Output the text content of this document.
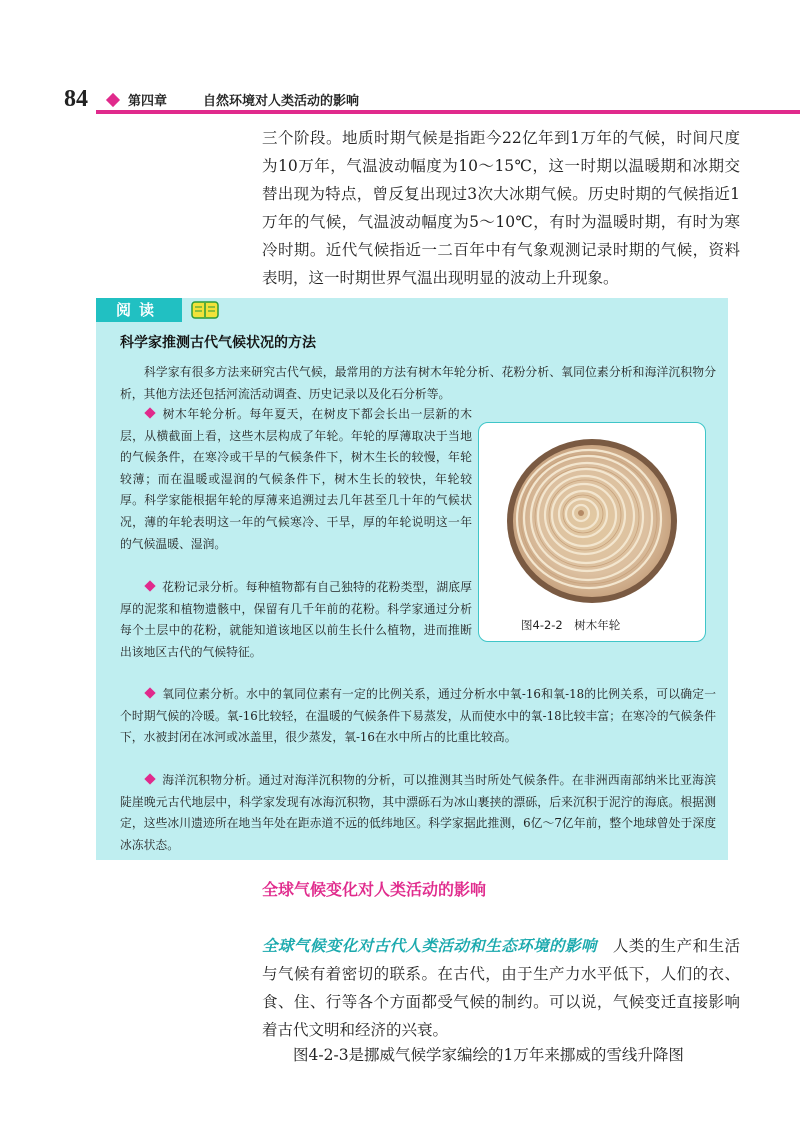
84	第四章	自然环境对人类活动的影响

三个阶段。地质时期气候是指距今22亿年到1万年的气候，时间尺度为10万年，气温波动幅度为10～15℃，这一时期以温暖期和冰期交替出现为特点，曾反复出现过3次大冰期气候。历史时期的气候指近1万年的气候，气温波动幅度为5～10℃，有时为温暖时期，有时为寒冷时期。近代气候指近一二百年中有气象观测记录时期的气候，资料表明，这一时期世界气温出现明显的波动上升现象。

阅读
科学家推测古代气候状况的方法
科学家有很多方法来研究古代气候，最常用的方法有树木年轮分析、花粉分析、氧同位素分析和海洋沉积物分析，其他方法还包括河流活动调查、历史记录以及化石分析等。
树木年轮分析。每年夏天，在树皮下都会长出一层新的木层，从横截面上看，这些木层构成了年轮。年轮的厚薄取决于当地的气候条件，在寒冷或干旱的气候条件下，树木生长的较慢，年轮较薄；而在温暖或湿润的气候条件下，树木生长的较快，年轮较厚。科学家能根据年轮的厚薄来追溯过去几年甚至几十年的气候状况，薄的年轮表明这一年的气候寒冷、干旱，厚的年轮说明这一年的气候温暖、湿润。
花粉记录分析。每种植物都有自己独特的花粉类型，湖底厚厚的泥浆和植物遗骸中，保留有几千年前的花粉。科学家通过分析每个土层中的花粉，就能知道该地区以前生长什么植物，进而推断出该地区古代的气候特征。
氧同位素分析。水中的氧同位素有一定的比例关系，通过分析水中氧-16和氧-18的比例关系，可以确定一个时期气候的冷暖。氧-16比较轻，在温暖的气候条件下易蒸发，从而使水中的氧-18比较丰富；在寒冷的气候条件下，水被封闭在冰河或冰盖里，很少蒸发，氧-16在水中所占的比重比较高。
海洋沉积物分析。通过对海洋沉积物的分析，可以推测其当时所处气候条件。在非洲西南部纳米比亚海滨陡崖晚元古代地层中，科学家发现有冰海沉积物，其中漂砾石为冰山裹挟的漂砾，后来沉积于泥泞的海底。根据测定，这些冰川遗迹所在地当年处在距赤道不远的低纬地区。科学家据此推测，6亿～7亿年前，整个地球曾处于深度冰冻状态。
图4-2-2　树木年轮
全球气候变化对人类活动的影响

全球气候变化对古代人类活动和生态环境的影响　 人类的生产和生活与气候有着密切的联系。在古代，由于生产力水平低下，人们的衣、食、住、行等各个方面都受气候的制约。可以说，气候变迁直接影响着古代文明和经济的兴衰。

图4-2-3是挪威气候学家编绘的1万年来挪威的雪线升降图
